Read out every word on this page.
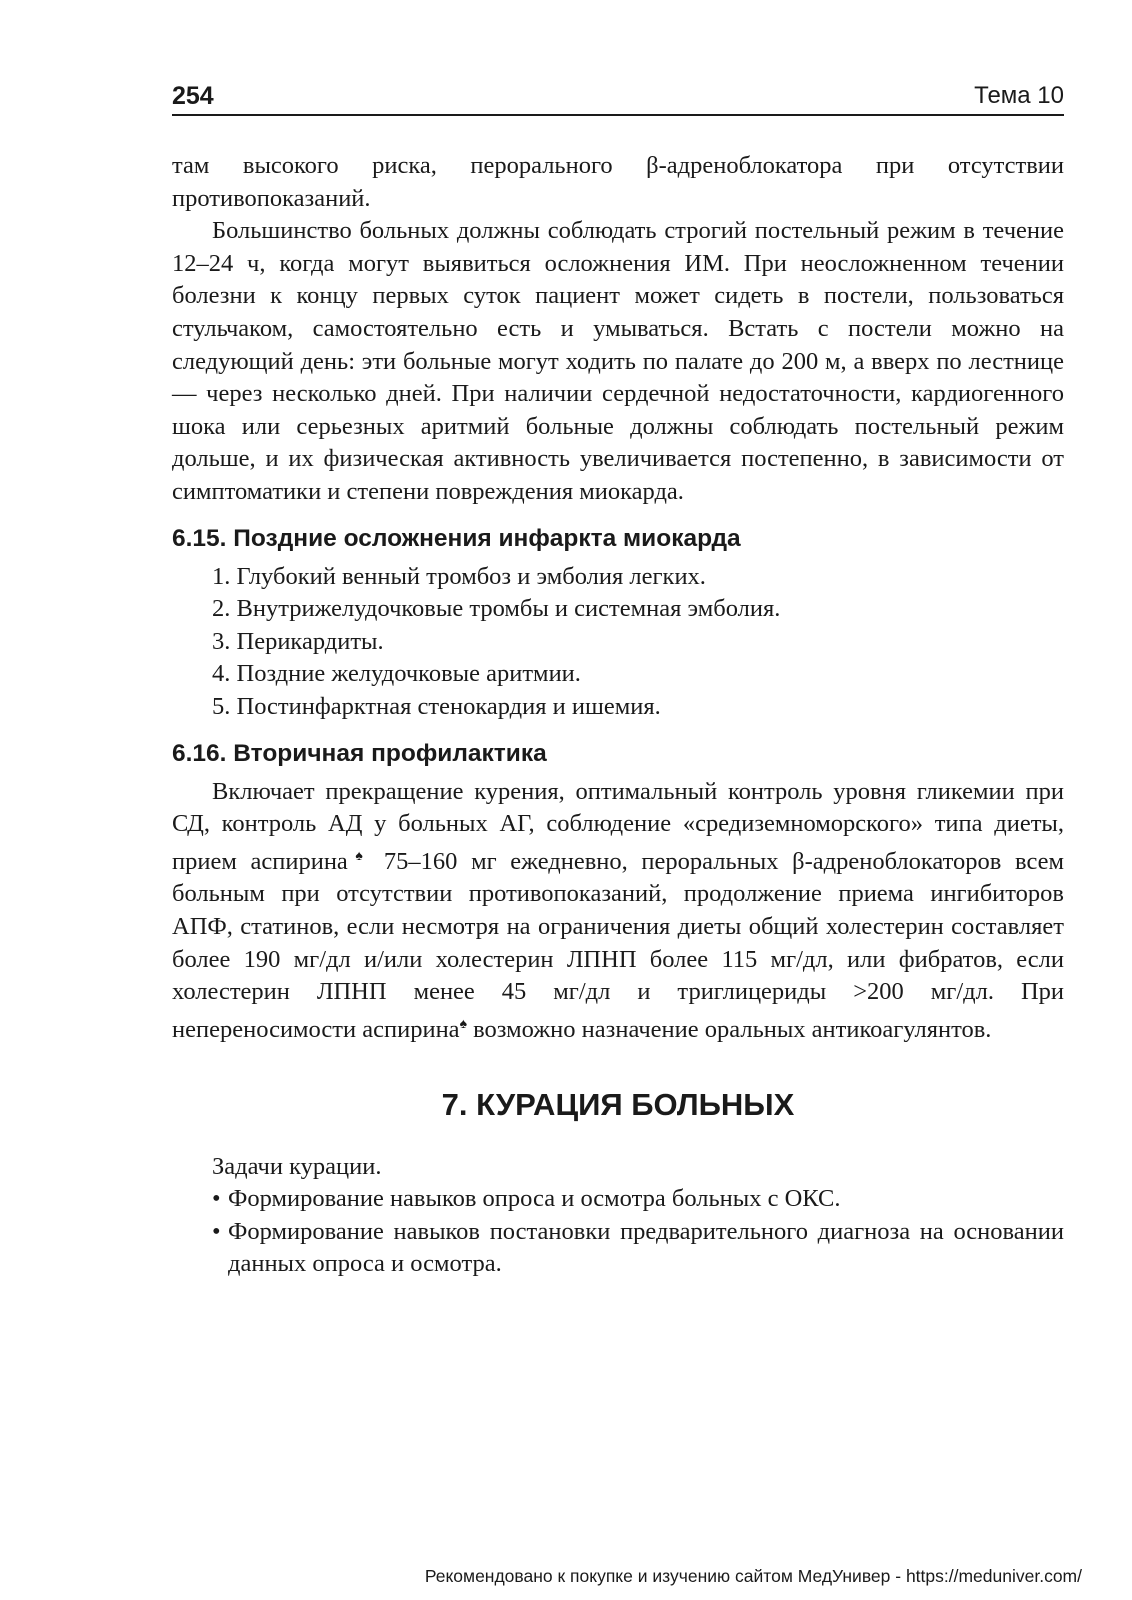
254	Тема 10

там высокого риска, перорального β-адреноблокатора при отсутствии противопоказаний.

Большинство больных должны соблюдать строгий постельный режим в течение 12–24 ч, когда могут выявиться осложнения ИМ. При неосложненном течении болезни к концу первых суток пациент может сидеть в постели, пользоваться стульчаком, самостоятельно есть и умываться. Встать с постели можно на следующий день: эти больные могут ходить по палате до 200 м, а вверх по лестнице — через несколько дней. При наличии сердечной недостаточности, кардиогенного шока или серьезных аритмий больные должны соблюдать постельный режим дольше, и их физическая активность увеличивается постепенно, в зависимости от симптоматики и степени повреждения миокарда.

6.15. Поздние осложнения инфаркта миокарда
1. Глубокий венный тромбоз и эмболия легких.
2. Внутрижелудочковые тромбы и системная эмболия.
3. Перикардиты.
4. Поздние желудочковые аритмии.
5. Постинфарктная стенокардия и ишемия.
6.16. Вторичная профилактика

Включает прекращение курения, оптимальный контроль уровня гликемии при СД, контроль АД у больных АГ, соблюдение «средиземноморского» типа диеты, прием аспирина♠ 75–160 мг ежедневно, пероральных β-адреноблокаторов всем больным при отсутствии противопоказаний, продолжение приема ингибиторов АПФ, статинов, если несмотря на ограничения диеты общий холестерин составляет более 190 мг/дл и/или холестерин ЛПНП более 115 мг/дл, или фибратов, если холестерин ЛПНП менее 45 мг/дл и триглицериды >200 мг/дл. При непереносимости аспирина♠ возможно назначение оральных антикоагулянтов.

7. КУРАЦИЯ БОЛЬНЫХ

Задачи курации.

• Формирование навыков опроса и осмотра больных с ОКС.
• Формирование навыков постановки предварительного диагноза на основании данных опроса и осмотра.
Рекомендовано к покупке и изучению сайтом МедУнивер - https://meduniver.com/
